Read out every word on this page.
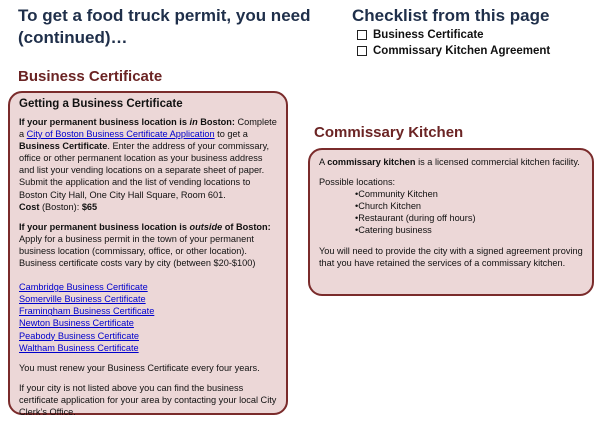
To get a food truck permit, you need (continued)…
Checklist from this page
Business Certificate
Commissary Kitchen Agreement
Business Certificate
Getting a Business Certificate

If your permanent business location is in Boston: Complete a City of Boston Business Certificate Application to get a Business Certificate. Enter the address of your commissary, office or other permanent location as your business address and list your vending locations on a separate sheet of paper. Submit the application and the list of vending locations to Boston City Hall, One City Hall Square, Room 601.
Cost (Boston): $65

If your permanent business location is outside of Boston:
Apply for a business permit in the town of your permanent business location (commissary, office, or other location). Business certificate costs vary by city (between $20-$100)

Cambridge Business Certificate
Somerville Business Certificate
Framingham Business Certificate
Newton Business Certificate
Peabody Business Certificate
Waltham Business Certificate

You must renew your Business Certificate every four years.

If your city is not listed above you can find the business certificate application for your area by contacting your local City Clerk’s Office.

Commissary Kitchen

A commissary kitchen is a licensed commercial kitchen facility.

Possible locations:

• Community Kitchen
• Church Kitchen
• Restaurant (during off hours)
• Catering business

You will need to provide the city with a signed agreement proving that you have retained the services of a commissary kitchen.
